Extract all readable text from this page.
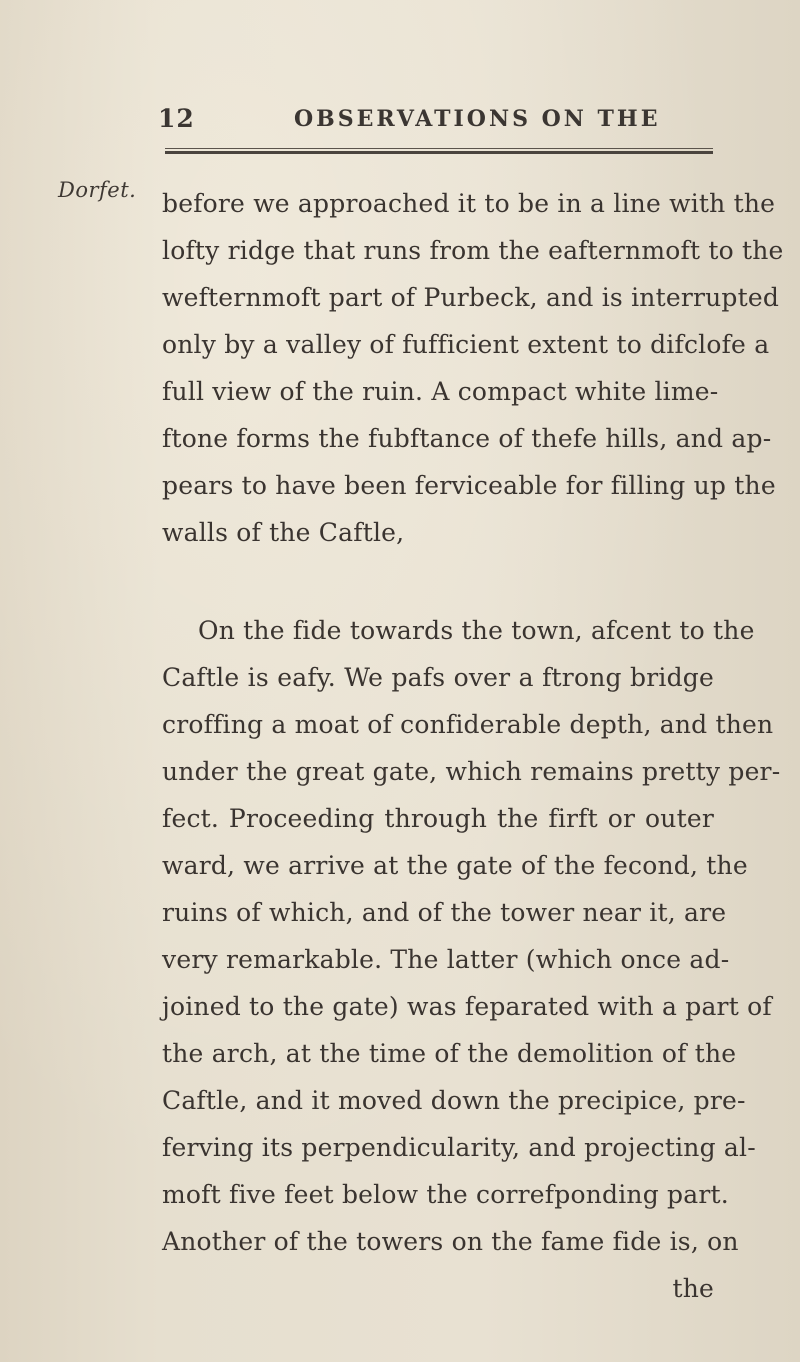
12	OBSERVATIONS ON THE
Dorfet. before we approached it to be in a line with the
lofty ridge that runs from the eafternmoft to the
wefternmoft part of Purbeck, and is interrupted
only by a valley of fufficient extent to difclofe a
full view of the ruin. A compact white lime-
ftone forms the fubftance of thefe hills, and ap-
pears to have been ferviceable for filling up the
walls of the Caftle,
On the fide towards the town, afcent to the
Caftle is eafy. We pafs over a ftrong bridge
croffing a moat of confiderable depth, and then
under the great gate, which remains pretty per-
fect. Proceeding through the firft or outer
ward, we arrive at the gate of the fecond, the
ruins of which, and of the tower near it, are
very remarkable. The latter (which once ad-
joined to the gate) was feparated with a part of
the arch, at the time of the demolition of the
Caftle, and it moved down the precipice, pre-
ferving its perpendicularity, and projecting al-
moft five feet below the correfponding part.
Another of the towers on the fame fide is, on
the
